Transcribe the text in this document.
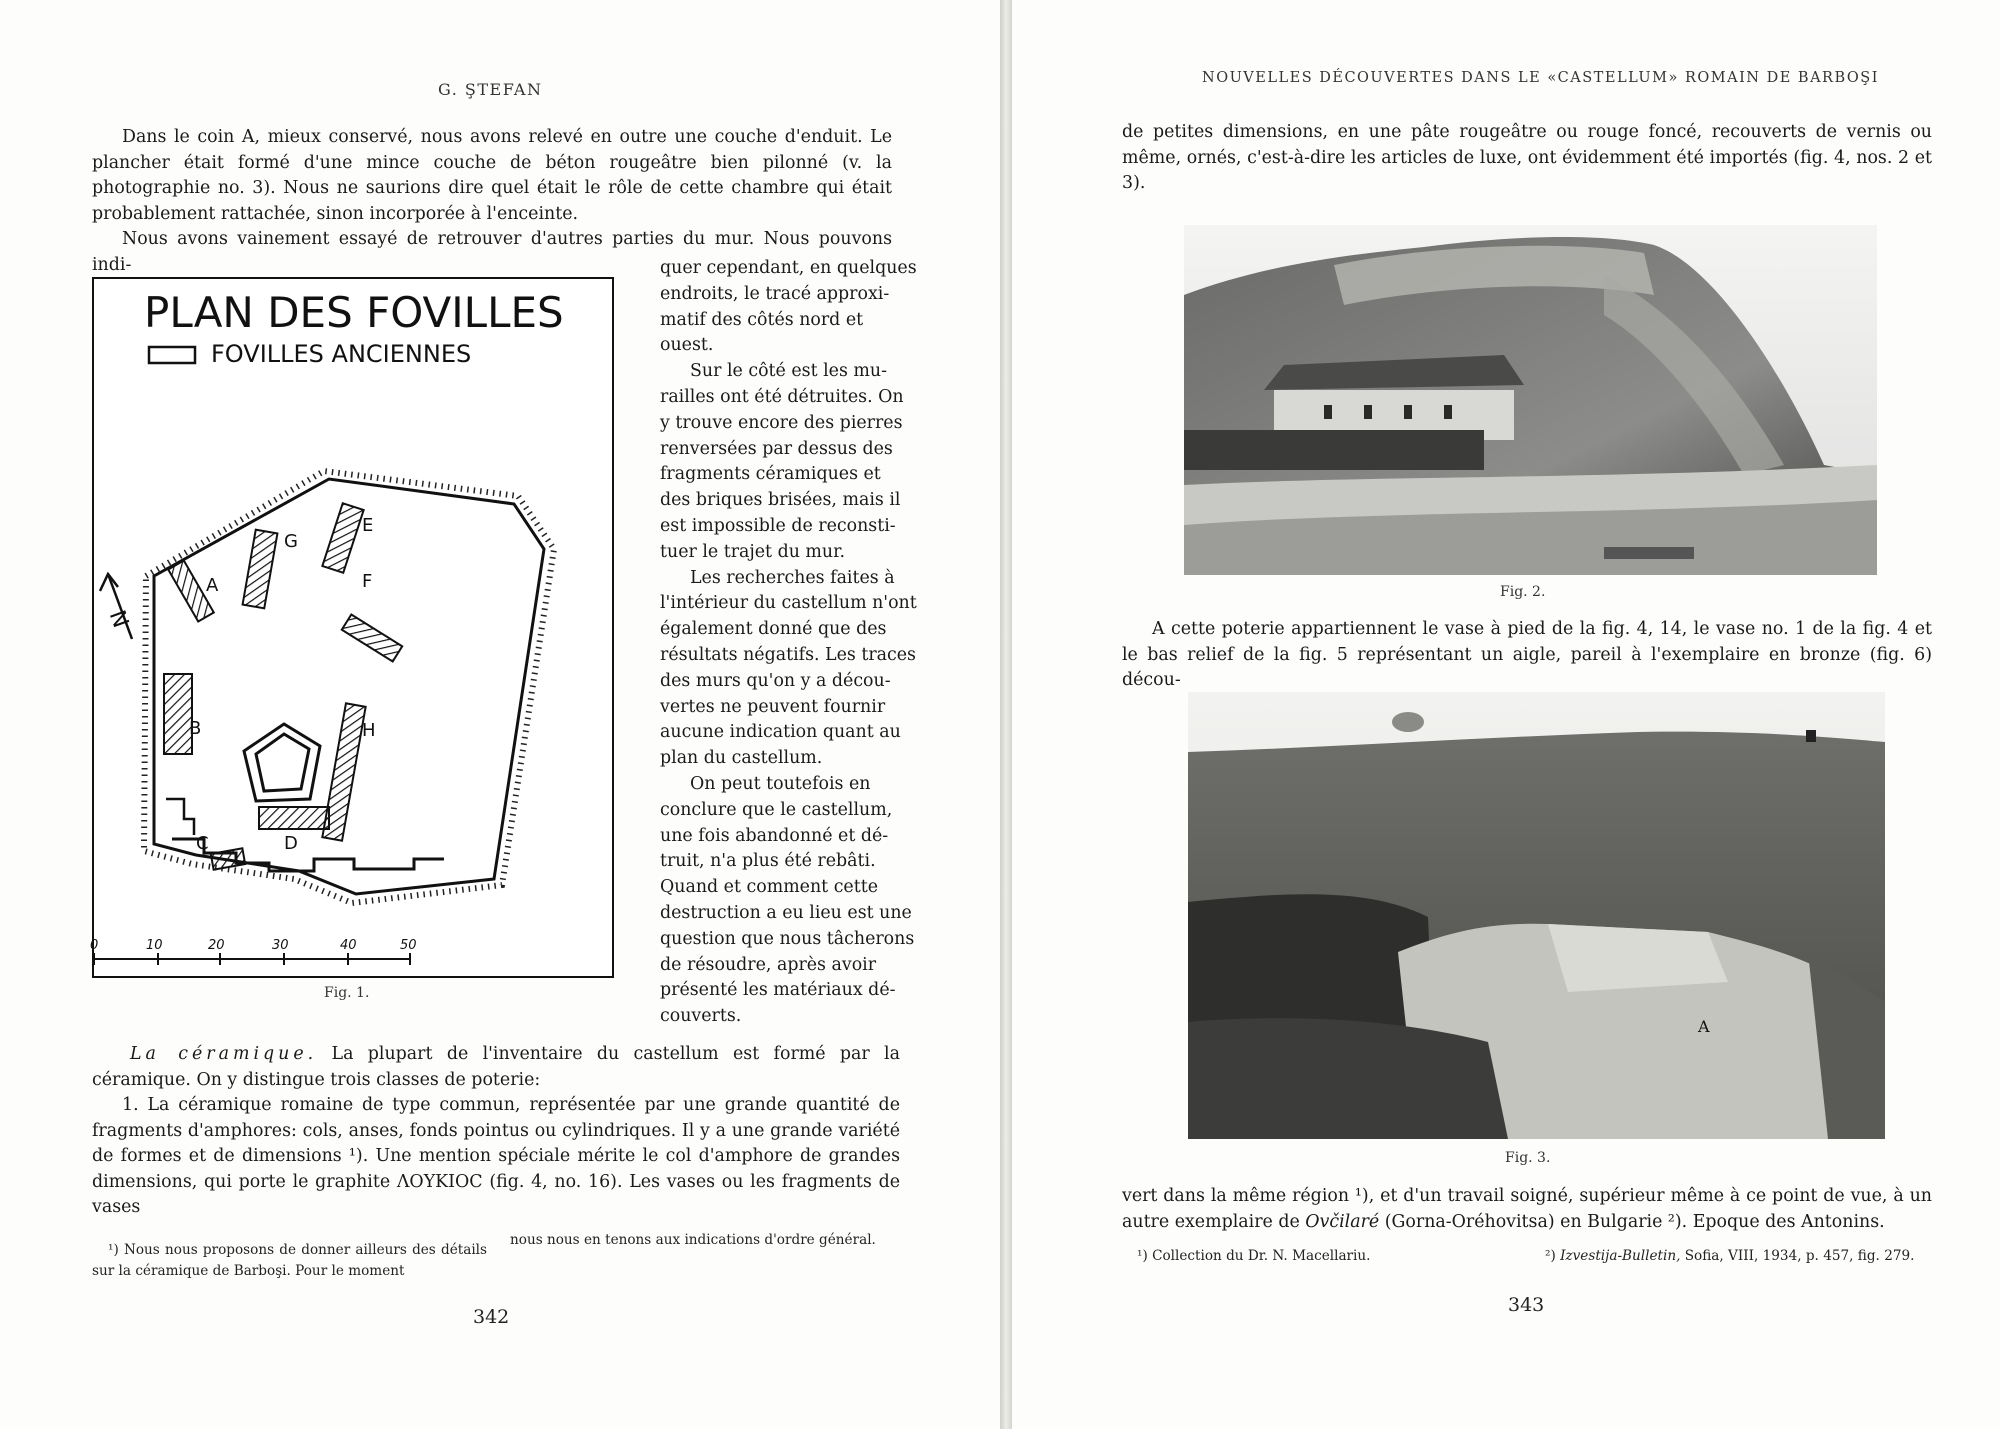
G. ŞTEFAN
Dans le coin A, mieux conservé, nous avons relevé en outre une couche d'enduit. Le plancher était formé d'une mince couche de béton rougeâtre bien pilonné (v. la photographie no. 3). Nous ne saurions dire quel était le rôle de cette chambre qui était probablement rattachée, sinon incorporée à l'enceinte.
Nous avons vainement essayé de retrouver d'autres parties du mur. Nous pouvons indi-
PLAN DES FOVILLES
FOVILLES ANCIENNES
N
A
B
C	D
E
F
G
H
0	10	20	30	40	50
Fig. 1.
quer cependant, en quelques
endroits, le tracé approxi-
matif des côtés nord et
ouest.
Sur le côté est les mu-
railles ont été détruites. On
y trouve encore des pierres
renversées par dessus des
fragments céramiques et
des briques brisées, mais il
est impossible de reconsti-
tuer le trajet du mur.
Les recherches faites à
l'intérieur du castellum n'ont
également donné que des
résultats négatifs. Les traces
des murs qu'on y a décou-
vertes ne peuvent fournir
aucune indication quant au
plan du castellum.
On peut toutefois en
conclure que le castellum,
une fois abandonné et dé-
truit, n'a plus été rebâti.
Quand et comment cette
destruction a eu lieu est une
question que nous tâcherons
de résoudre, après avoir
présenté les matériaux dé-
couverts.
La céramique. La plupart de l'inventaire du castellum est formé par la céramique. On y distingue trois classes de poterie:
1. La céramique romaine de type commun, représentée par une grande quantité de fragments d'amphores: cols, anses, fonds pointus ou cylindriques. Il y a une grande variété de formes et de dimensions ¹). Une mention spéciale mérite le col d'amphore de grandes dimensions, qui porte le graphite ΛΟΥΚΙΟϹ (fig. 4, no. 16). Les vases ou les fragments de vases
¹) Nous nous proposons de donner ailleurs des détails sur la céramique de Barboşi. Pour le moment
nous nous en tenons aux indications d'ordre général.
342
NOUVELLES DÉCOUVERTES DANS LE «CASTELLUM» ROMAIN DE BARBOŞI
de petites dimensions, en une pâte rougeâtre ou rouge foncé, recouverts de vernis ou même, ornés, c'est-à-dire les articles de luxe, ont évidemment été importés (fig. 4, nos. 2 et 3).
Fig. 2.
A cette poterie appartiennent le vase à pied de la fig. 4, 14, le vase no. 1 de la fig. 4 et le bas relief de la fig. 5 représentant un aigle, pareil à l'exemplaire en bronze (fig. 6) décou-
A
Fig. 3.
vert dans la même région ¹), et d'un travail soigné, supérieur même à ce point de vue, à un autre exemplaire de Ovčilaré (Gorna-Oréhovitsa) en Bulgarie ²). Epoque des Antonins.
¹) Collection du Dr. N. Macellariu.	²) Izvestija-Bulletin, Sofia, VIII, 1934, p. 457, fig. 279.
343
